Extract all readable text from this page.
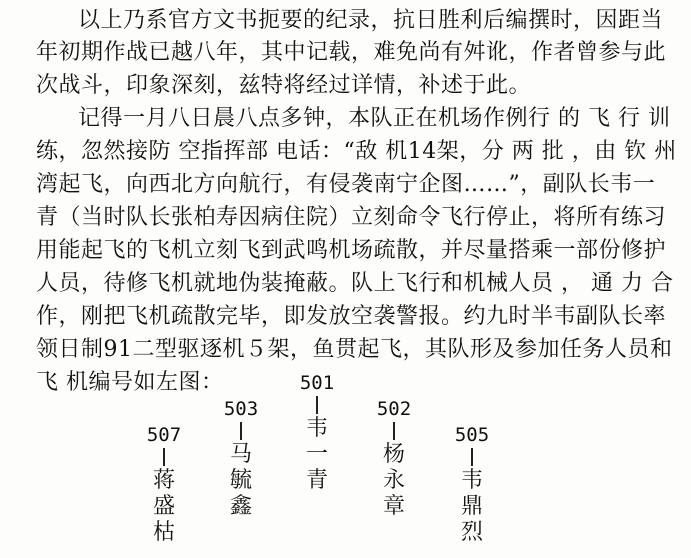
以上乃系官方文书扼要的纪录，抗日胜利后编撰时，因距当
年初期作战已越八年，其中记载，难免尚有舛讹，作者曾参与此
次战斗，印象深刻，兹特将经过详情，补述于此。
记得一月八日晨八点多钟，本队正在机场作例行 的 飞 行 训
练，忽然接防 空指挥部 电话：“敌 机14架，分 两 批 ，由 钦 州
湾起飞，向西北方向航行，有侵袭南宁企图……”，副队长韦一
青（当时队长张柏寿因病住院）立刻命令飞行停止，将所有练习
用能起飞的飞机立刻飞到武鸣机场疏散，并尽量搭乘一部份修护
人员，待修飞机就地伪装掩蔽。队上飞行和机械人员 ， 通 力 合
作，刚把飞机疏散完毕，即发放空袭警报。约九时半韦副队长率
领日制91二型驱逐机５架，鱼贯起飞，其队形及参加任务人员和
飞 机编号如左图：
507
蒋盛枯
503
马毓鑫
501
韦一青
502
杨永章
505
韦鼎烈
